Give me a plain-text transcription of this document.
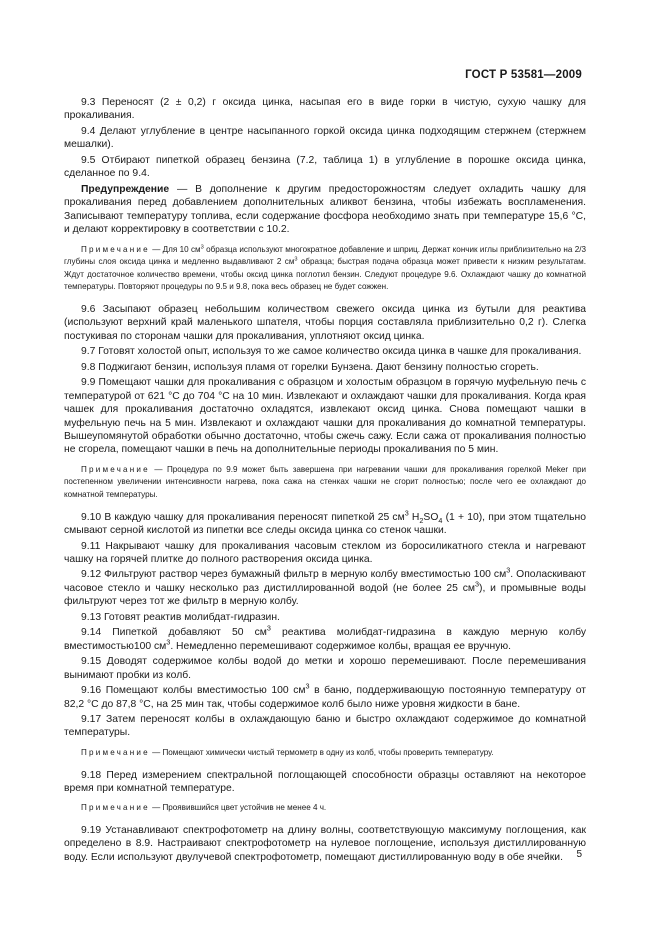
ГОСТ Р 53581—2009

9.3 Переносят (2 ± 0,2) г оксида цинка, насыпая его в виде горки в чистую, сухую чашку для прокаливания.

9.4 Делают углубление в центре насыпанного горкой оксида цинка подходящим стержнем (стержнем мешалки).

9.5 Отбирают пипеткой образец бензина (7.2, таблица 1) в углубление в порошке оксида цинка, сделанное по 9.4.

Предупреждение — В дополнение к другим предосторожностям следует охладить чашку для прокаливания перед добавлением дополнительных аликвот бензина, чтобы избежать воспламенения. Записывают температуру топлива, если содержание фосфора необходимо знать при температуре 15,6 °С, и делают корректировку в соответствии с 10.2.

Примечание — Для 10 $см^3$ образца используют многократное добавление и шприц. Держат кончик иглы приблизительно на 2/3 глубины слоя оксида цинка и медленно выдавливают 2 $см^3$ образца; быстрая подача образца может привести к низким результатам. Ждут достаточное количество времени, чтобы оксид цинка поглотил бензин. Следуют процедуре 9.6. Охлаждают чашку до комнатной температуры. Повторяют процедуры по 9.5 и 9.8, пока весь образец не будет сожжен.

9.6 Засыпают образец небольшим количеством свежего оксида цинка из бутыли для реактива (используют верхний край маленького шпателя, чтобы порция составляла приблизительно 0,2 г). Слегка постукивая по сторонам чашки для прокаливания, уплотняют оксид цинка.

9.7 Готовят холостой опыт, используя то же самое количество оксида цинка в чашке для прокаливания.

9.8 Поджигают бензин, используя пламя от горелки Бунзена. Дают бензину полностью сгореть.

9.9 Помещают чашки для прокаливания с образцом и холостым образцом в горячую муфельную печь с температурой от 621 °С до 704 °С на 10 мин. Извлекают и охлаждают чашки для прокаливания. Когда края чашек для прокаливания достаточно охладятся, извлекают оксид цинка. Снова помещают чашки в муфельную печь на 5 мин. Извлекают и охлаждают чашки для прокаливания до комнатной температуры. Вышеупомянутой обработки обычно достаточно, чтобы сжечь сажу. Если сажа от прокаливания полностью не сгорела, помещают чашки в печь на дополнительные периоды прокаливания по 5 мин.

Примечание — Процедура по 9.9 может быть завершена при нагревании чашки для прокаливания горелкой Meker при постепенном увеличении интенсивности нагрева, пока сажа на стенках чашки не сгорит полностью; после чего ее охлаждают до комнатной температуры.

9.10 В каждую чашку для прокаливания переносят пипеткой 25 $см^3$ $H_2SO_4$ (1 + 10), при этом тщательно смывают серной кислотой из пипетки все следы оксида цинка со стенок чашки.

9.11 Накрывают чашку для прокаливания часовым стеклом из боросиликатного стекла и нагревают чашку на горячей плитке до полного растворения оксида цинка.

9.12 Фильтруют раствор через бумажный фильтр в мерную колбу вместимостью 100 $см^3$. Ополаскивают часовое стекло и чашку несколько раз дистиллированной водой (не более 25 $см^3$), и промывные воды фильтруют через тот же фильтр в мерную колбу.

9.13 Готовят реактив молибдат-гидразин.

9.14 Пипеткой добавляют 50 $см^3$ реактива молибдат-гидразина в каждую мерную колбу вместимостью100 $см^3$. Немедленно перемешивают содержимое колбы, вращая ее вручную.

9.15 Доводят содержимое колбы водой до метки и хорошо перемешивают. После перемешивания вынимают пробки из колб.

9.16 Помещают колбы вместимостью 100 $см^3$ в баню, поддерживающую постоянную температуру от 82,2 °С до 87,8 °С, на 25 мин так, чтобы содержимое колб было ниже уровня жидкости в бане.

9.17 Затем переносят колбы в охлаждающую баню и быстро охлаждают содержимое до комнатной температуры.

Примечание — Помещают химически чистый термометр в одну из колб, чтобы проверить температуру.

9.18 Перед измерением спектральной поглощающей способности образцы оставляют на некоторое время при комнатной температуре.

Примечание — Проявившийся цвет устойчив не менее 4 ч.

9.19 Устанавливают спектрофотометр на длину волны, соответствующую максимуму поглощения, как определено в 8.9. Настраивают спектрофотометр на нулевое поглощение, используя дистиллированную воду. Если используют двулучевой спектрофотометр, помещают дистиллированную воду в обе ячейки.	5
